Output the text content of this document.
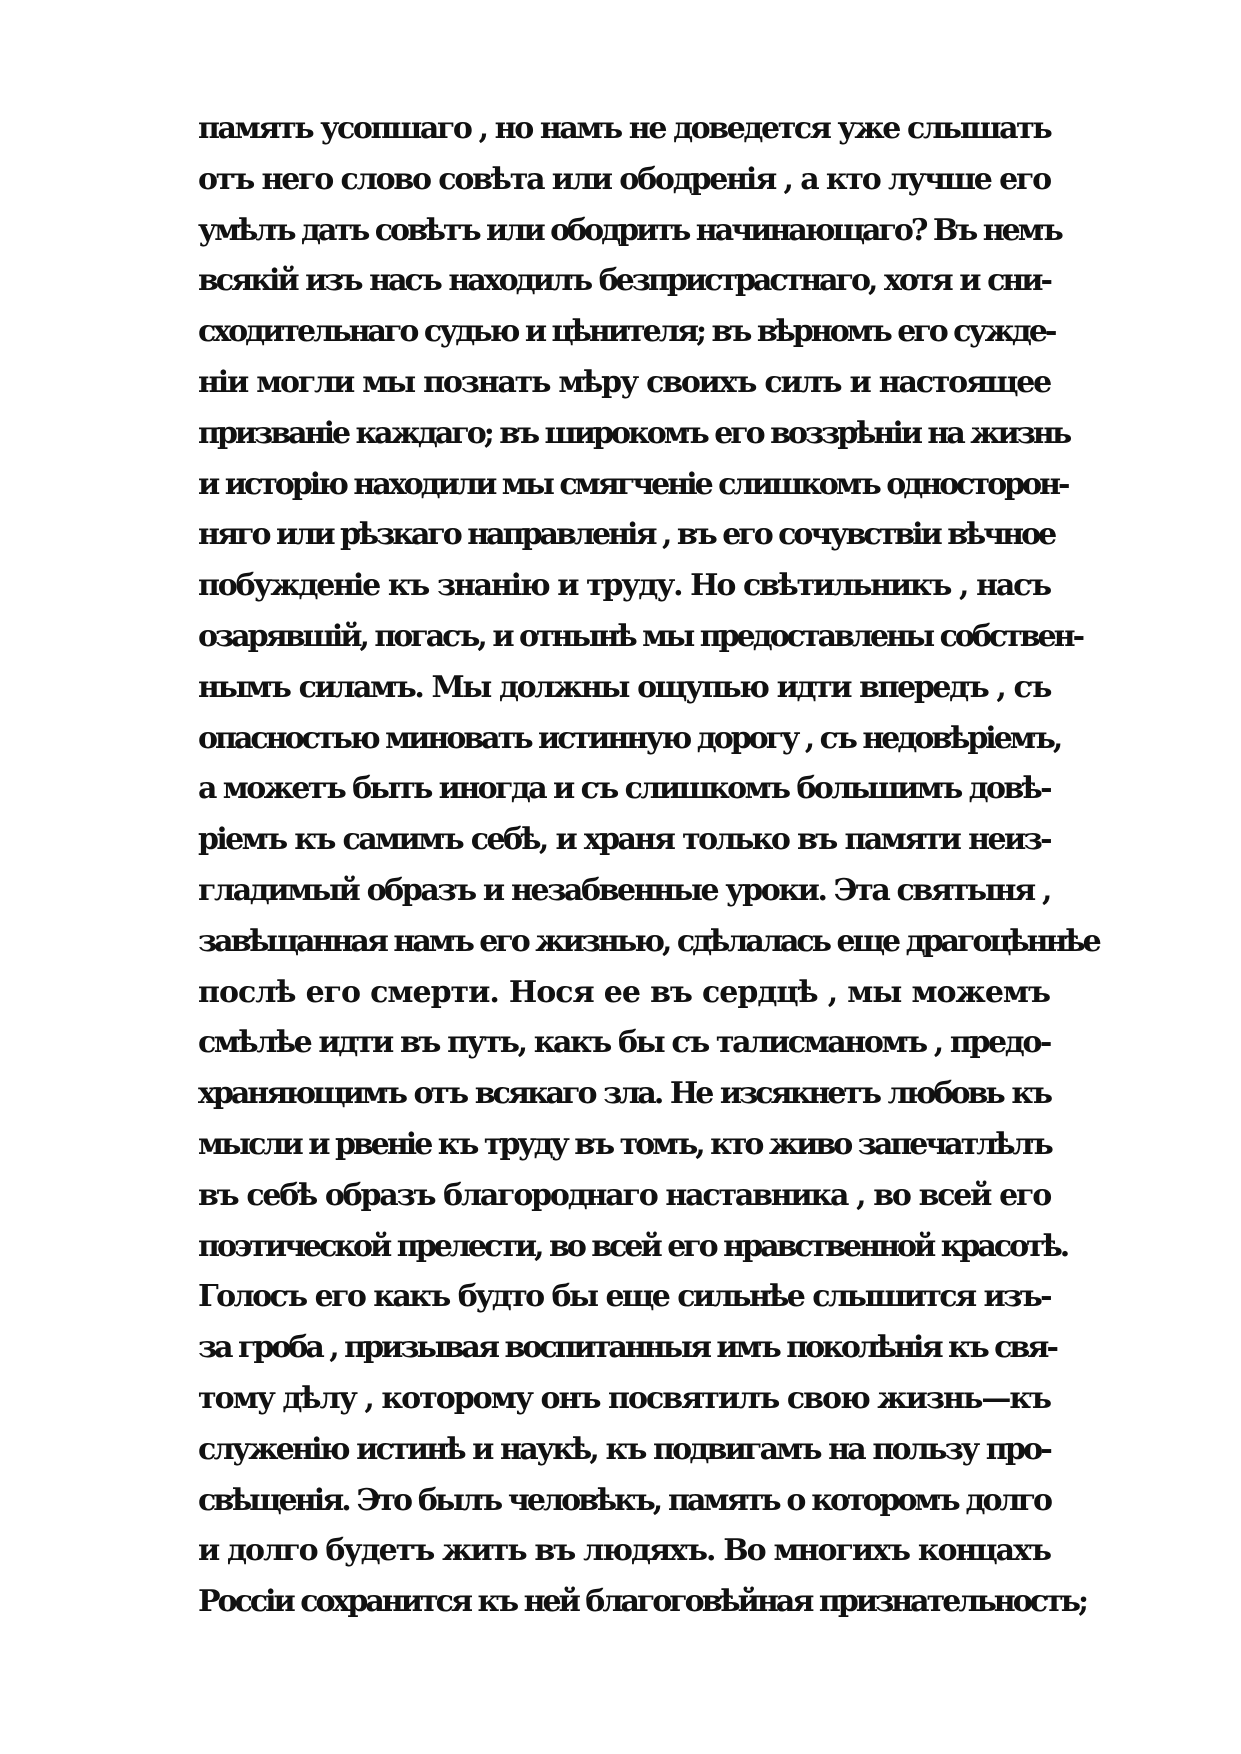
память усопшаго , но намъ не доведется уже слышать
отъ него слово совѣта или ободренія , а кто лучше его
умѣлъ дать совѣтъ или ободрить начинающаго? Въ немъ
всякій изъ насъ находилъ безпристрастнаго, хотя и сни-
сходительнаго судью и цѣнителя; въ вѣрномъ его сужде-
ніи могли мы познать мѣру своихъ силъ и настоящее
призваніе каждаго; въ широкомъ его воззрѣніи на жизнь
и исторію находили мы смягченіе слишкомъ односторон-
няго или рѣзкаго направленія , въ его сочувствіи вѣчное
побужденіе къ знанію и труду. Но свѣтильникъ , насъ
озарявшій, погасъ, и отнынѣ мы предоставлены собствен-
нымъ силамъ. Мы должны ощупью идти впередъ , съ
опасностью миновать истинную дорогу , съ недовѣріемъ,
а можетъ быть иногда и съ слишкомъ большимъ довѣ-
ріемъ къ самимъ себѣ, и храня только въ памяти неиз-
гладимый образъ и незабвенные уроки. Эта святыня ,
завѣщанная намъ его жизнью, сдѣлалась еще драгоцѣннѣе
послѣ его смерти. Нося ее въ сердцѣ , мы можемъ
смѣлѣе идти въ путь, какъ бы съ талисманомъ , предо-
храняющимъ отъ всякаго зла. Не изсякнетъ любовь къ
мысли и рвеніе къ труду въ томъ, кто живо запечатлѣлъ
въ себѣ образъ благороднаго наставника , во всей его
поэтической прелести, во всей его нравственной красотѣ.
Голосъ его какъ будто бы еще сильнѣе слышится изъ-
за гроба , призывая воспитанныя имъ поколѣнія къ свя-
тому дѣлу , которому онъ посвятилъ свою жизнь—къ
служенію истинѣ и наукѣ, къ подвигамъ на пользу про-
свѣщенія. Это былъ человѣкъ, память о которомъ долго
и долго будетъ жить въ людяхъ. Во многихъ концахъ
Россіи сохранится къ ней благоговѣйная признательность;
